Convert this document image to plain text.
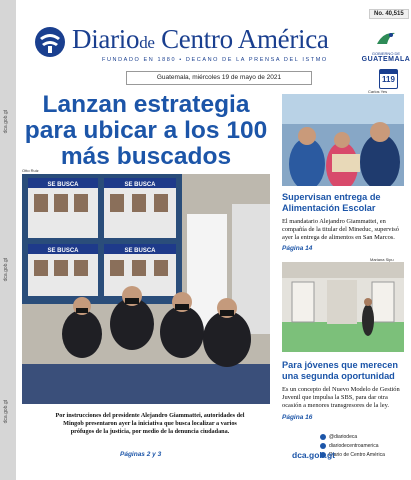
dca.gob.gt
dca.gob.gt
dca.gob.gt
Diariode Centro América
FUNDADO EN 1880 • DECANO DE LA PRENSA DEL ISTMO
No. 40,515
GOBIERNO DE
GUATEMALA
119
Guatemala, miércoles 19 de mayo de 2021
Lanzan estrategia para ubicar a los 100 más buscados
Otto Ruiz
SE BUSCA	SE BUSCA
SE BUSCA	SE BUSCA
Por instrucciones del presidente Alejandro Giammattei, autoridades del Mingob presentaron ayer la iniciativa que busca localizar a varios prófugos de la justicia, por medio de la denuncia ciudadana.
Páginas 2 y 3
Carlos Yes
Supervisan entrega de Alimentación Escolar
El mandatario Alejandro Giammattei, en compañía de la titular del Mineduc, supervisó ayer la entrega de alimentos en San Marcos.
Página 14
Mariana Sipu
Para jóvenes que merecen una segunda oportunidad
Es un concepto del Nuevo Modelo de Gestión Juvenil que impulsa la SBS, para dar otra ocasión a menores transgresores de la ley.
Página 16
@diariodeca
diariodecentroamerica
Diario de Centro América
dca.gob.gt
